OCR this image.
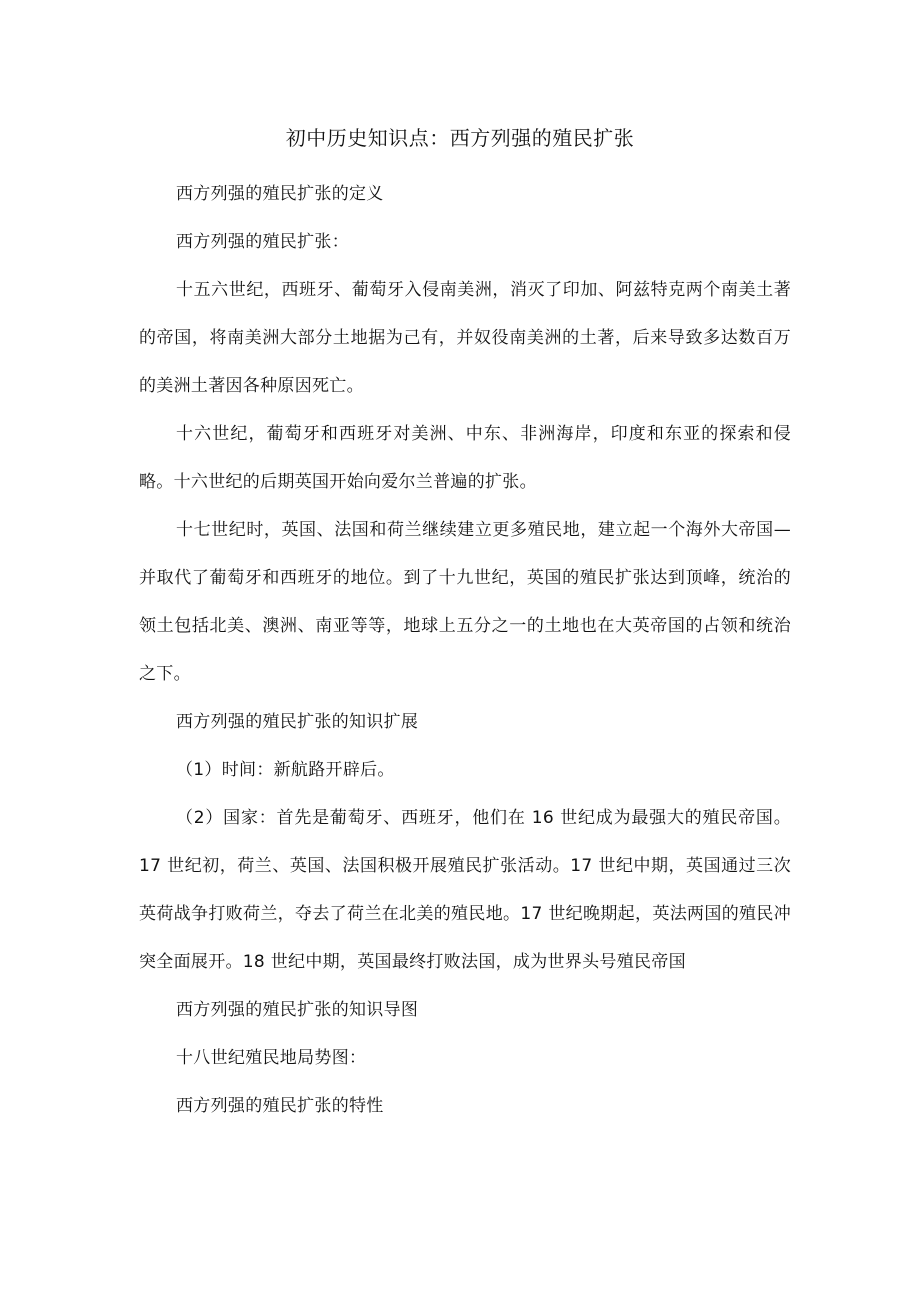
初中历史知识点：西方列强的殖民扩张

西方列强的殖民扩张的定义

西方列强的殖民扩张：

十五六世纪，西班牙、葡萄牙入侵南美洲，消灭了印加、阿兹特克两个南美土著的帝国，将南美洲大部分土地据为己有，并奴役南美洲的土著，后来导致多达数百万的美洲土著因各种原因死亡。

十六世纪，葡萄牙和西班牙对美洲、中东、非洲海岸，印度和东亚的探索和侵略。十六世纪的后期英国开始向爱尔兰普遍的扩张。

十七世纪时，英国、法国和荷兰继续建立更多殖民地，建立起一个海外大帝国—并取代了葡萄牙和西班牙的地位。到了十九世纪，英国的殖民扩张达到顶峰，统治的领土包括北美、澳洲、南亚等等，地球上五分之一的土地也在大英帝国的占领和统治之下。

西方列强的殖民扩张的知识扩展

（1）时间：新航路开辟后。

（2）国家：首先是葡萄牙、西班牙，他们在 16 世纪成为最强大的殖民帝国。17 世纪初，荷兰、英国、法国积极开展殖民扩张活动。17 世纪中期，英国通过三次英荷战争打败荷兰，夺去了荷兰在北美的殖民地。17 世纪晚期起，英法两国的殖民冲突全面展开。18 世纪中期，英国最终打败法国，成为世界头号殖民帝国

西方列强的殖民扩张的知识导图

十八世纪殖民地局势图：

西方列强的殖民扩张的特性
